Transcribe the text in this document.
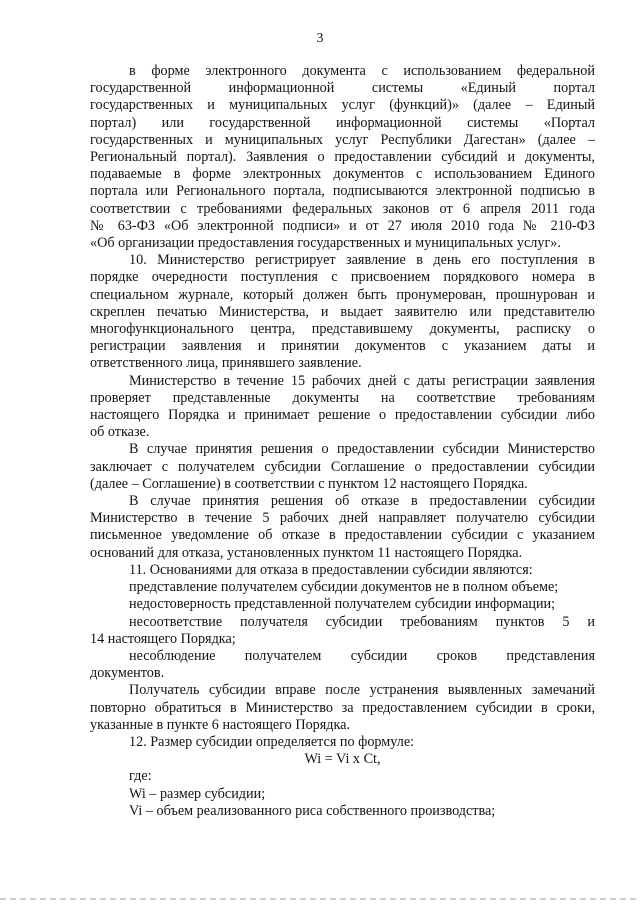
3
в форме электронного документа с использованием федеральной
государственной информационной системы «Единый портал
государственных и муниципальных услуг (функций)» (далее – Единый
портал) или государственной информационной системы «Портал
государственных и муниципальных услуг Республики Дагестан» (далее –
Региональный портал). Заявления о предоставлении субсидий и документы,
подаваемые в форме электронных документов с использованием Единого
портала или Регионального портала, подписываются электронной подписью в
соответствии с требованиями федеральных законов от 6 апреля 2011 года
№ 63-ФЗ «Об электронной подписи» и от 27 июля 2010 года № 210-ФЗ
«Об организации предоставления государственных и муниципальных услуг».
10. Министерство регистрирует заявление в день его поступления в
порядке очередности поступления с присвоением порядкового номера в
специальном журнале, который должен быть пронумерован, прошнурован и
скреплен печатью Министерства, и выдает заявителю или представителю
многофункционального центра, представившему документы, расписку о
регистрации заявления и принятии документов с указанием даты и
ответственного лица, принявшего заявление.
Министерство в течение 15 рабочих дней с даты регистрации заявления
проверяет представленные документы на соответствие требованиям
настоящего Порядка и принимает решение о предоставлении субсидии либо
об отказе.
В случае принятия решения о предоставлении субсидии Министерство
заключает с получателем субсидии Соглашение о предоставлении субсидии
(далее – Соглашение) в соответствии с пунктом 12 настоящего Порядка.
В случае принятия решения об отказе в предоставлении субсидии
Министерство в течение 5 рабочих дней направляет получателю субсидии
письменное уведомление об отказе в предоставлении субсидии с указанием
оснований для отказа, установленных пунктом 11 настоящего Порядка.
11. Основаниями для отказа в предоставлении субсидии являются:
представление получателем субсидии документов не в полном объеме;
недостоверность представленной получателем субсидии информации;
несоответствие получателя субсидии требованиям пунктов 5 и
14 настоящего Порядка;
несоблюдение получателем субсидии сроков представления
документов.
Получатель субсидии вправе после устранения выявленных замечаний
повторно обратиться в Министерство за предоставлением субсидии в сроки,
указанные в пункте 6 настоящего Порядка.
12. Размер субсидии определяется по формуле:
Wi = Vi x Ct,
где:
Wi – размер субсидии;
Vi – объем реализованного риса собственного производства;
